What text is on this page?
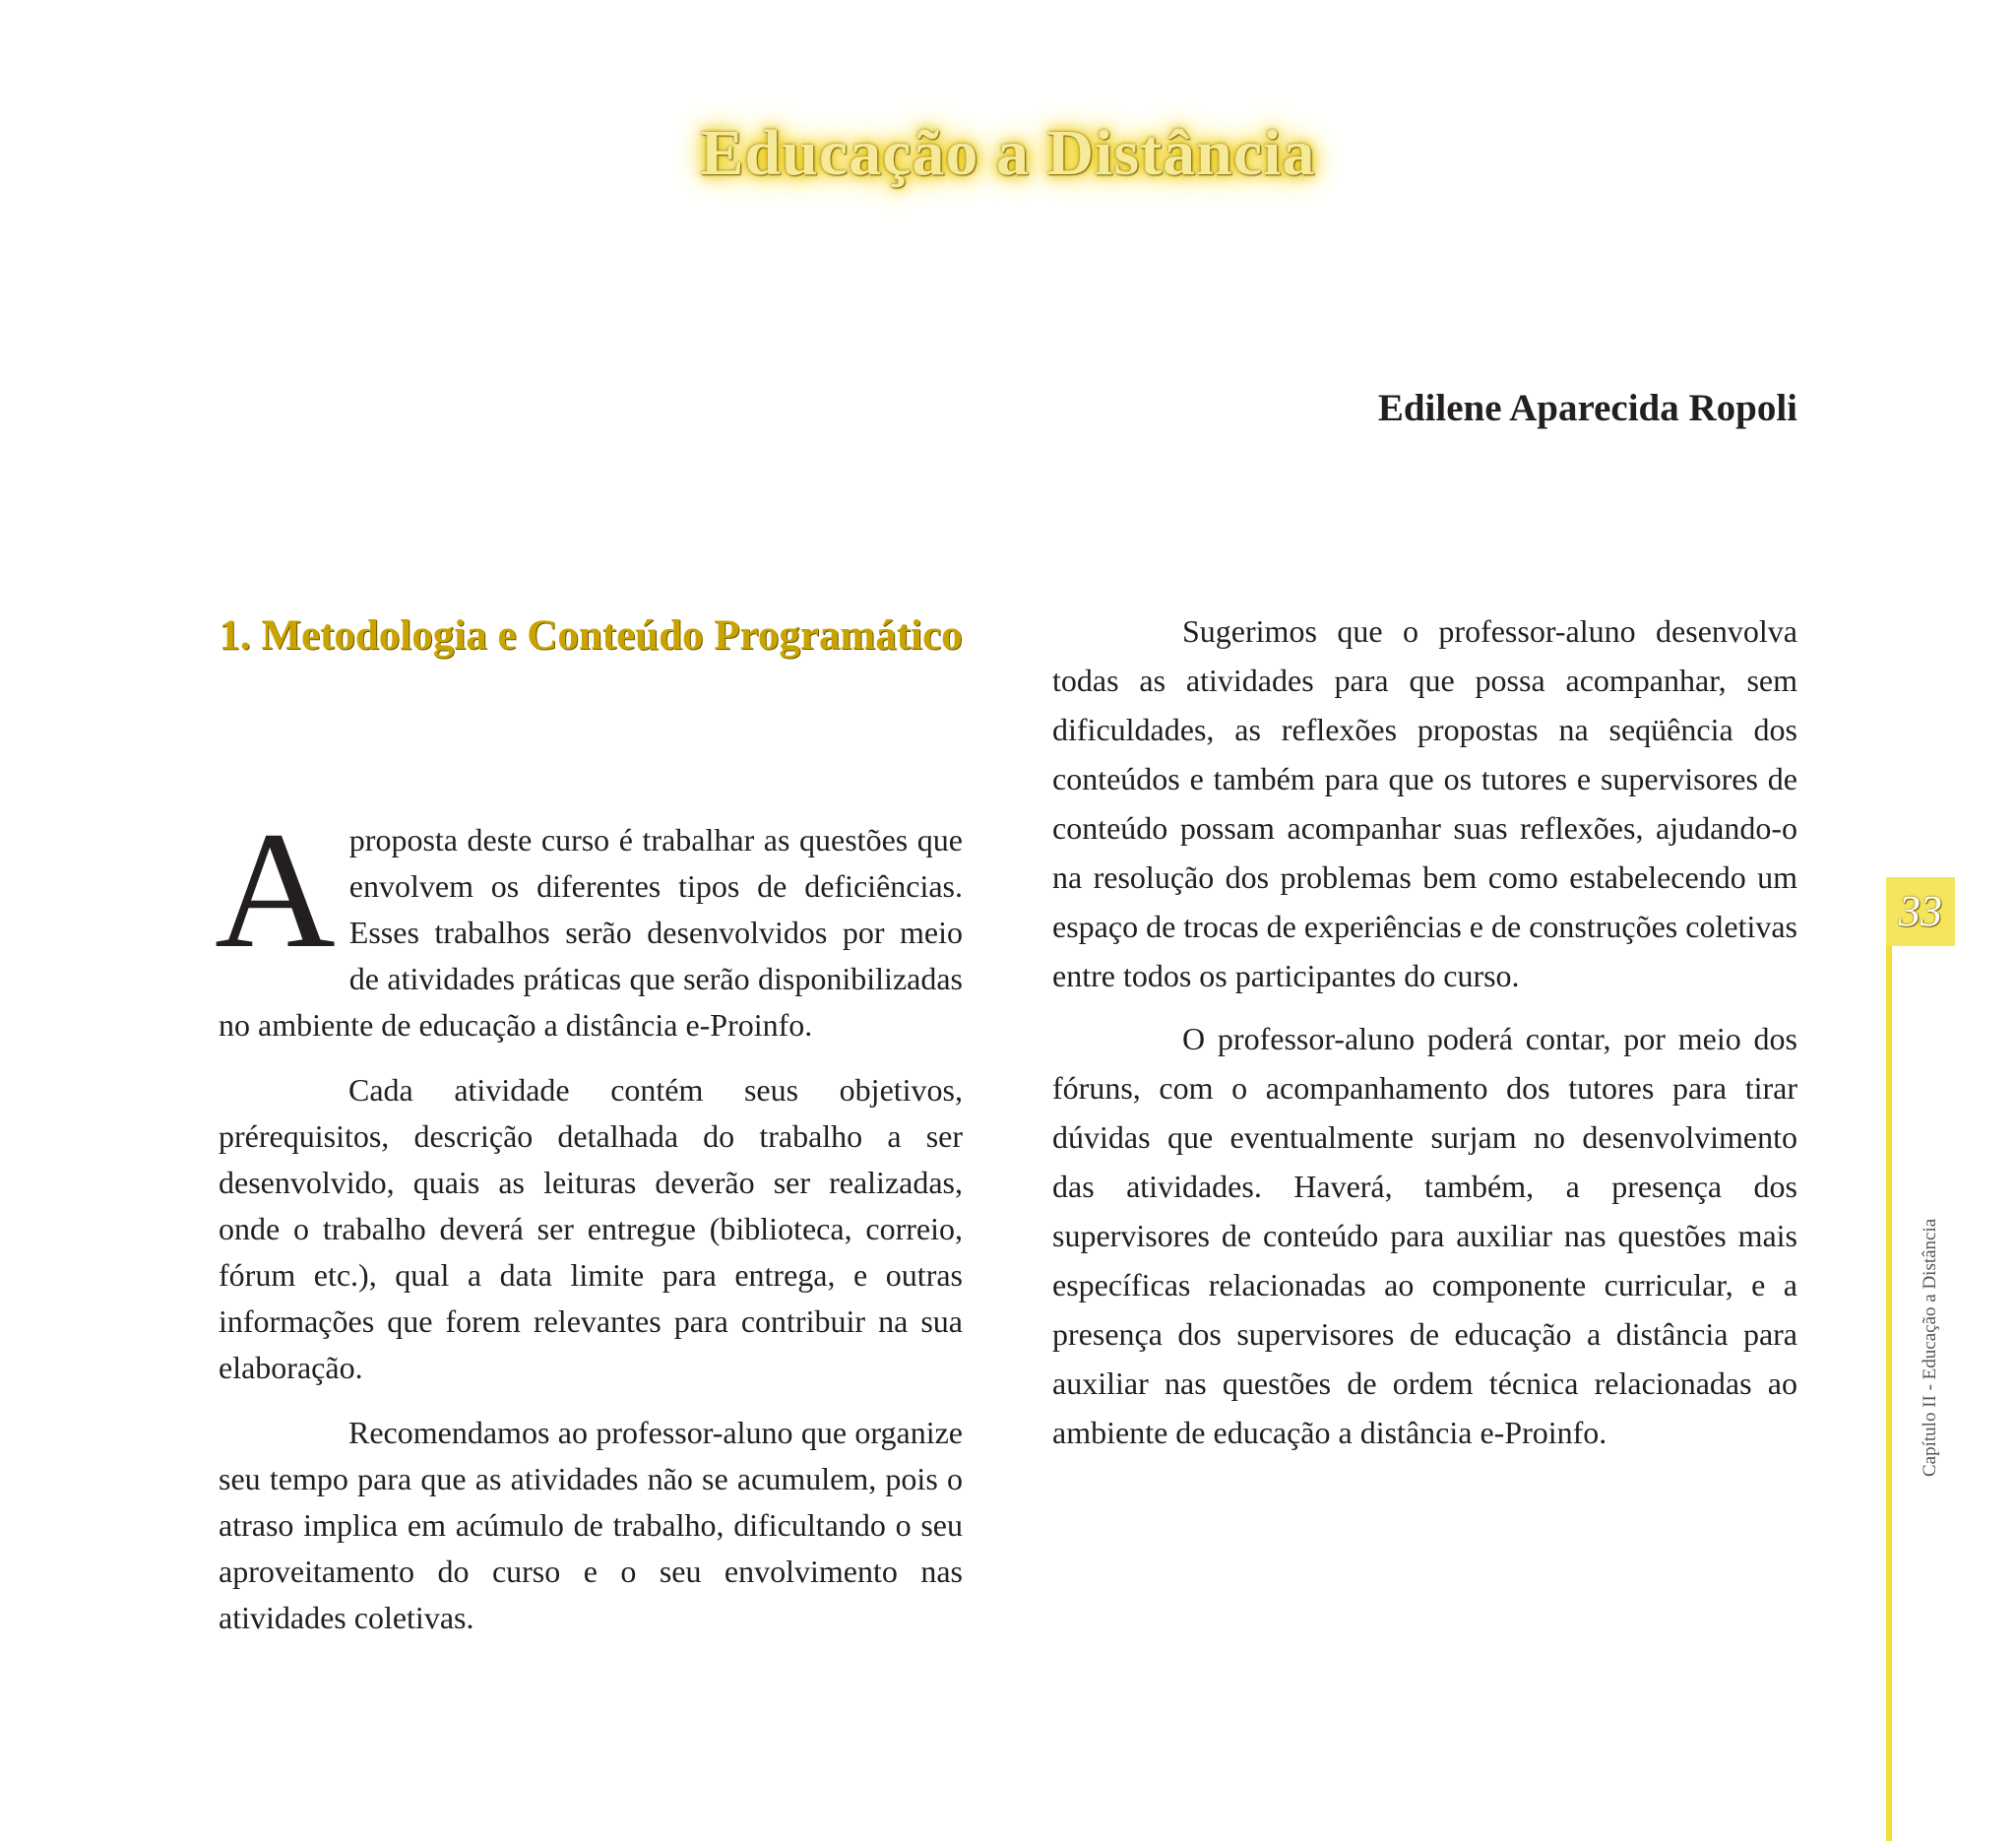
Educação a Distância
Edilene Aparecida Ropoli
1. Metodologia e Conteúdo Programático

Aproposta deste curso é trabalhar as questões que envolvem os diferentes tipos de deficiências. Esses trabalhos serão desenvolvidos por meio de atividades práticas que serão disponibilizadas no ambiente de educação a distância e-Proinfo.

Cada atividade contém seus objetivos, prérequisitos, descrição detalhada do trabalho a ser desenvolvido, quais as leituras deverão ser realizadas, onde o trabalho deverá ser entregue (biblioteca, correio, fórum etc.), qual a data limite para entrega, e outras informações que forem relevantes para contribuir na sua elaboração.

Recomendamos ao professor-aluno que organize seu tempo para que as atividades não se acumulem, pois o atraso implica em acúmulo de trabalho, dificultando o seu aproveitamento do curso e o seu envolvimento nas atividades coletivas.

Sugerimos que o professor-aluno desenvolva todas as atividades para que possa acompanhar, sem dificuldades, as reflexões propostas na seqüência dos conteúdos e também para que os tutores e supervisores de conteúdo possam acompanhar suas reflexões, ajudando-o na resolução dos problemas bem como estabelecendo um espaço de trocas de experiências e de construções coletivas entre todos os participantes do curso.

O professor-aluno poderá contar, por meio dos fóruns, com o acompanhamento dos tutores para tirar dúvidas que eventualmente surjam no desenvolvimento das atividades. Haverá, também, a presença dos supervisores de conteúdo para auxiliar nas questões mais específicas relacionadas ao componente curricular, e a presença dos supervisores de educação a distância para auxiliar nas questões de ordem técnica relacionadas ao ambiente de educação a distância e-Proinfo.

33
Capítulo II - Educação a Distância
